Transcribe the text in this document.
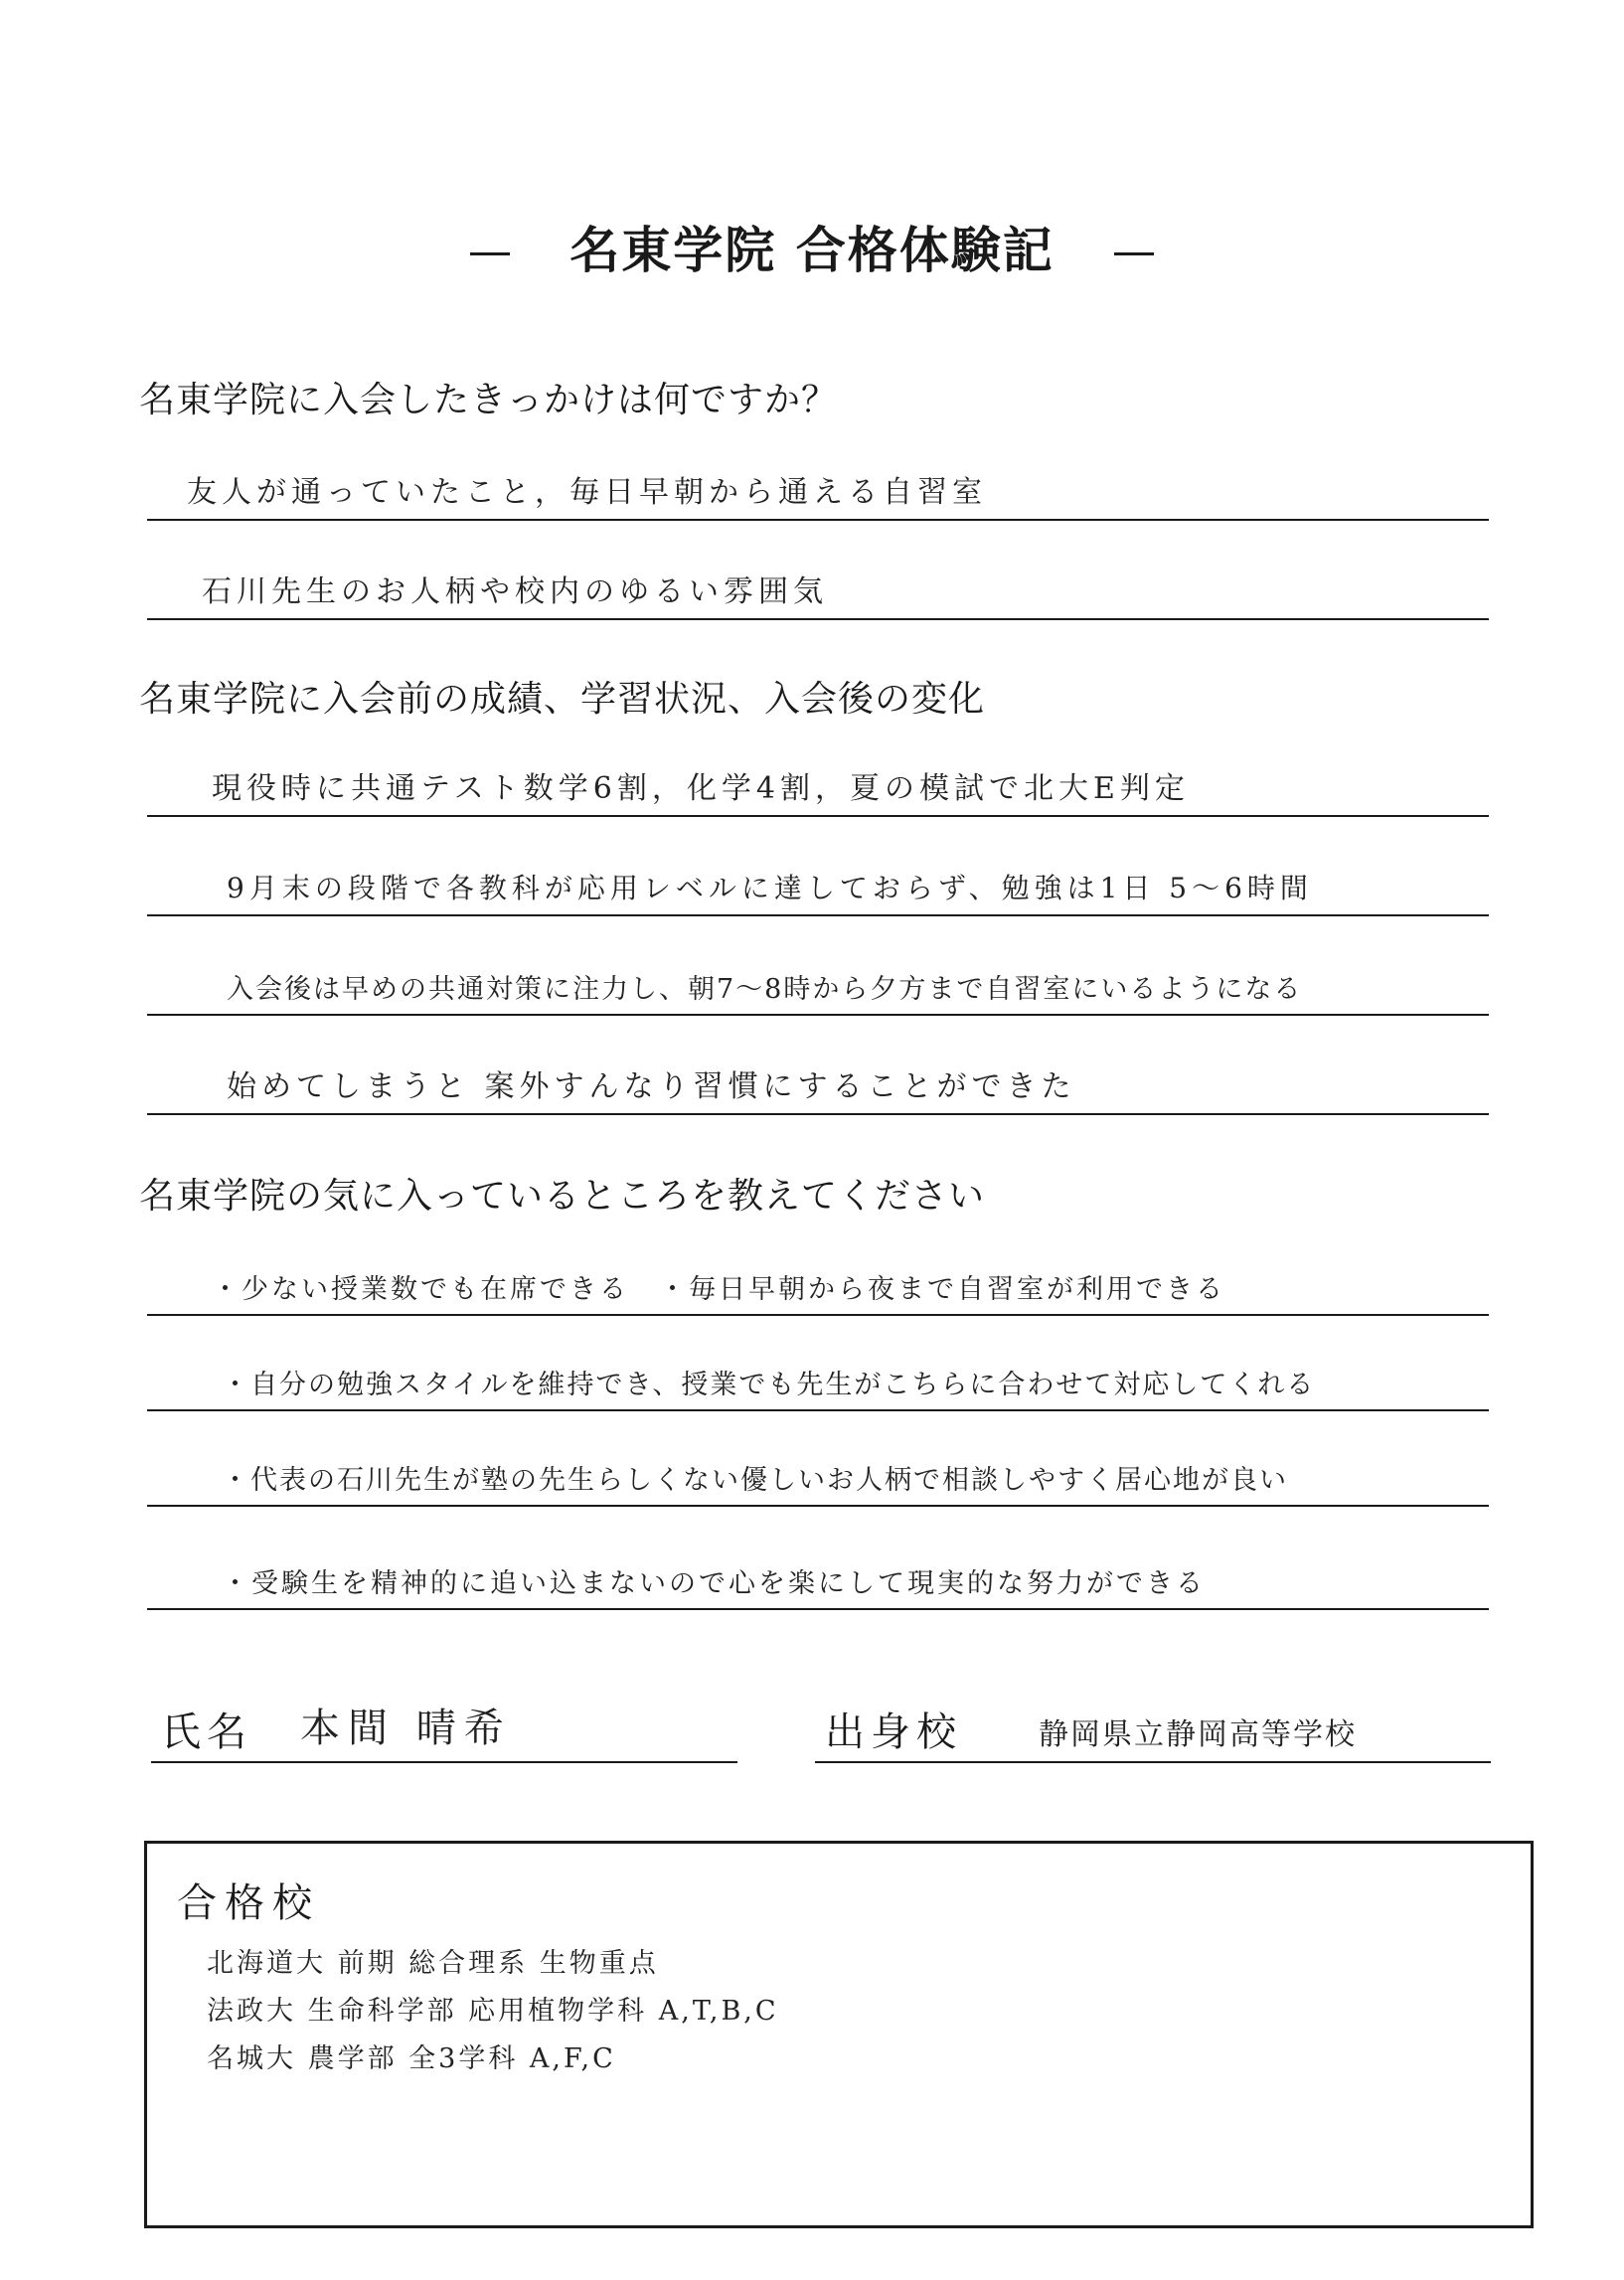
名東学院 合格体験記
名東学院に入会したきっかけは何ですか？
友人が通っていたこと，毎日早朝から通える自習室
石川先生のお人柄や校内のゆるい雰囲気
名東学院に入会前の成績、学習状況、入会後の変化
現役時に共通テスト数学6割，化学4割，夏の模試で北大E判定
9月末の段階で各教科が応用レベルに達しておらず、勉強は1日 5～6時間
入会後は早めの共通対策に注力し、朝7～8時から夕方まで自習室にいるようになる
始めてしまうと 案外すんなり習慣にすることができた
名東学院の気に入っているところを教えてください
・少ない授業数でも在席できる　・毎日早朝から夜まで自習室が利用できる
・自分の勉強スタイルを維持でき、授業でも先生がこちらに合わせて対応してくれる
・代表の石川先生が塾の先生らしくない優しいお人柄で相談しやすく居心地が良い
・受験生を精神的に追い込まないので心を楽にして現実的な努力ができる
氏名 本間 晴希	出身校	静岡県立静岡高等学校
合格校
北海道大 前期 総合理系 生物重点
法政大 生命科学部 応用植物学科 A,T,B,C
名城大 農学部 全3学科 A,F,C
